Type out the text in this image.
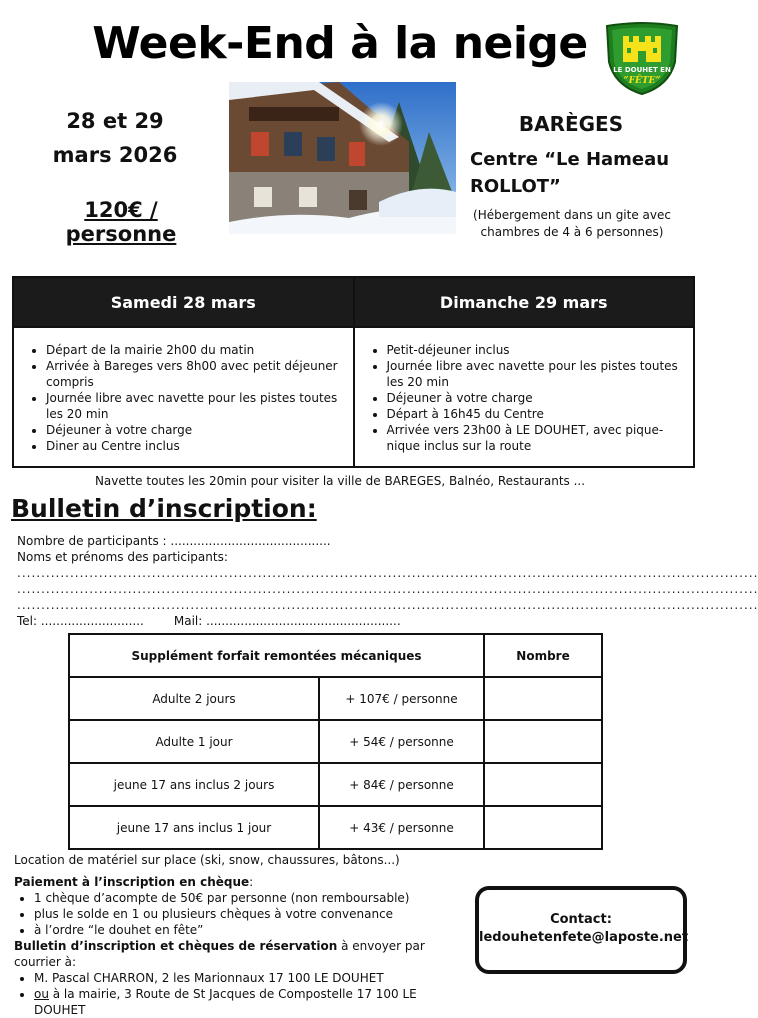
Week-End à la neige
LE DOUHET EN
“FÊTE”
28 et 29
mars 2026
120€ / personne
BARÈGES
Centre “Le Hameau
ROLLOT”
(Hébergement dans un gite avec chambres de 4 à 6 personnes)
Samedi 28 mars
• Départ de la mairie 2h00 du matin
• Arrivée à Bareges vers 8h00 avec petit déjeuner compris
• Journée libre avec navette pour les pistes toutes les 20 min
• Déjeuner à votre charge
• Diner au Centre inclus
Dimanche 29 mars
• Petit-déjeuner inclus
• Journée libre avec navette pour les pistes toutes les 20 min
• Déjeuner à votre charge
• Départ à 16h45 du Centre
• Arrivée vers 23h00 à LE DOUHET, avec pique-nique inclus sur la route
Navette toutes les 20min pour visiter la ville de BAREGES, Balnéo, Restaurants ...
Bulletin d’inscription:
Nombre de participants : ..........................................
Noms et prénoms des participants:
..........................................................................................................................................................
..........................................................................................................................................................
..........................................................................................................................................................
Tel: ...........................	Mail: ...................................................
Supplément forfait remontées mécaniques		Nombre
Adulte 2 jours	+ 107€ / personne	
Adulte 1 jour	+ 54€ / personne	
jeune 17 ans inclus 2 jours	+ 84€ / personne	
jeune 17 ans inclus 1 jour	+ 43€ / personne	
Location de matériel sur place (ski, snow, chaussures, bâtons...)
Paiement à l’inscription en chèque:
• 1 chèque d’acompte de 50€ par personne (non remboursable)
• plus le solde en 1 ou plusieurs chèques à votre convenance
• à l’ordre “le douhet en fête”
Bulletin d’inscription et chèques de réservation à envoyer par courrier à:
• M. Pascal CHARRON, 2 les Marionnaux 17 100 LE DOUHET
• ou à la mairie, 3 Route de St Jacques de Compostelle 17 100 LE DOUHET
Contact:
ledouhetenfete@laposte.net
